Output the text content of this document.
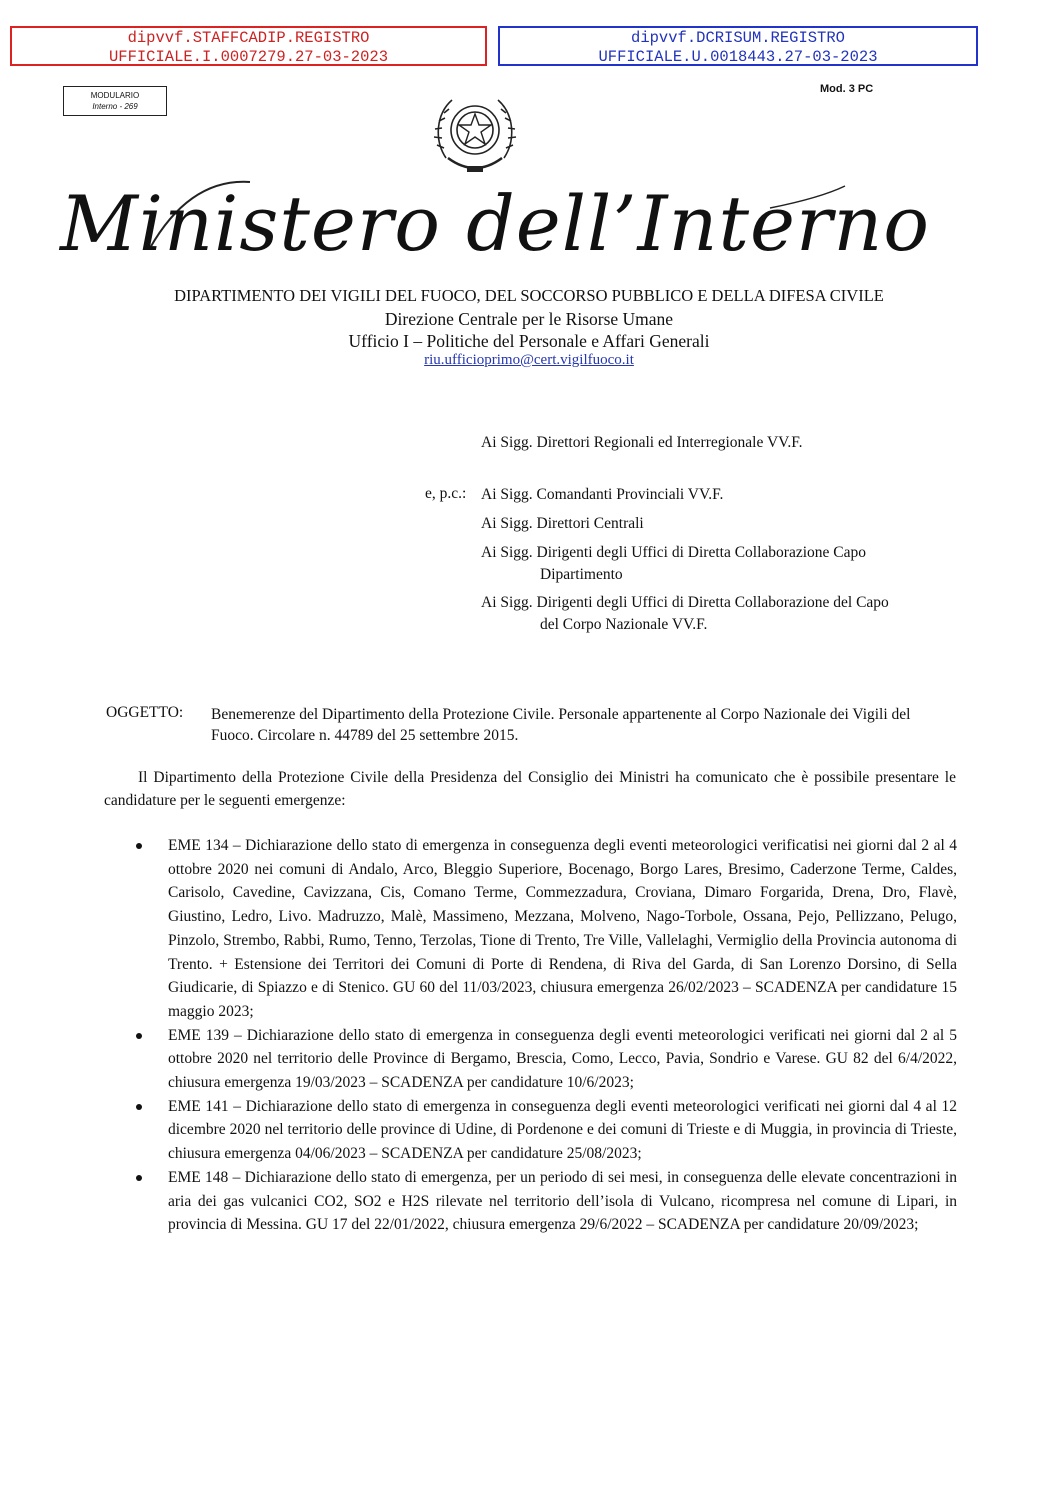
dipvvf.STAFFCADIP.REGISTRO
UFFICIALE.I.0007279.27-03-2023
dipvvf.DCRISUM.REGISTRO
UFFICIALE.U.0018443.27-03-2023
MODULARIO
Interno - 269
Mod. 3 PC
Ministero dell’Interno
DIPARTIMENTO DEI VIGILI DEL FUOCO, DEL SOCCORSO PUBBLICO E DELLA DIFESA CIVILE
Direzione Centrale per le Risorse Umane
Ufficio I – Politiche del Personale e Affari Generali
riu.ufficioprimo@cert.vigilfuoco.it
Ai Sigg. Direttori Regionali ed Interregionale VV.F.
e, p.c.: Ai Sigg. Comandanti Provinciali VV.F.
Ai Sigg. Direttori Centrali
Ai Sigg. Dirigenti degli Uffici di Diretta Collaborazione Capo
Dipartimento
Ai Sigg. Dirigenti degli Uffici di Diretta Collaborazione del Capo
del Corpo Nazionale VV.F.
OGGETTO: Benemerenze del Dipartimento della Protezione Civile. Personale appartenente al Corpo Nazionale dei Vigili del Fuoco. Circolare n. 44789 del 25 settembre 2015.
Il Dipartimento della Protezione Civile della Presidenza del Consiglio dei Ministri ha comunicato che è possibile presentare le candidature per le seguenti emergenze:
EME 134 – Dichiarazione dello stato di emergenza in conseguenza degli eventi meteorologici verificatisi nei giorni dal 2 al 4 ottobre 2020 nei comuni di Andalo, Arco, Bleggio Superiore, Bocenago, Borgo Lares, Bresimo, Caderzone Terme, Caldes, Carisolo, Cavedine, Cavizzana, Cis, Comano Terme, Commezzadura, Croviana, Dimaro Forgarida, Drena, Dro, Flavè, Giustino, Ledro, Livo. Madruzzo, Malè, Massimeno, Mezzana, Molveno, Nago-Torbole, Ossana, Pejo, Pellizzano, Pelugo, Pinzolo, Strembo, Rabbi, Rumo, Tenno, Terzolas, Tione di Trento, Tre Ville, Vallelaghi, Vermiglio della Provincia autonoma di Trento. + Estensione dei Territori dei Comuni di Porte di Rendena, di Riva del Garda, di San Lorenzo Dorsino, di Sella Giudicarie, di Spiazzo e di Stenico. GU 60 del 11/03/2023, chiusura emergenza 26/02/2023 – SCADENZA per candidature 15 maggio 2023;
EME 139 – Dichiarazione dello stato di emergenza in conseguenza degli eventi meteorologici verificati nei giorni dal 2 al 5 ottobre 2020 nel territorio delle Province di Bergamo, Brescia, Como, Lecco, Pavia, Sondrio e Varese. GU 82 del 6/4/2022, chiusura emergenza 19/03/2023 – SCADENZA per candidature 10/6/2023;
EME 141 – Dichiarazione dello stato di emergenza in conseguenza degli eventi meteorologici verificati nei giorni dal 4 al 12 dicembre 2020 nel territorio delle province di Udine, di Pordenone e dei comuni di Trieste e di Muggia, in provincia di Trieste, chiusura emergenza 04/06/2023 – SCADENZA per candidature 25/08/2023;
EME 148 – Dichiarazione dello stato di emergenza, per un periodo di sei mesi, in conseguenza delle elevate concentrazioni in aria dei gas vulcanici CO2, SO2 e H2S rilevate nel territorio dell’isola di Vulcano, ricompresa nel comune di Lipari, in provincia di Messina. GU 17 del 22/01/2022, chiusura emergenza 29/6/2022 – SCADENZA per candidature 20/09/2023;
